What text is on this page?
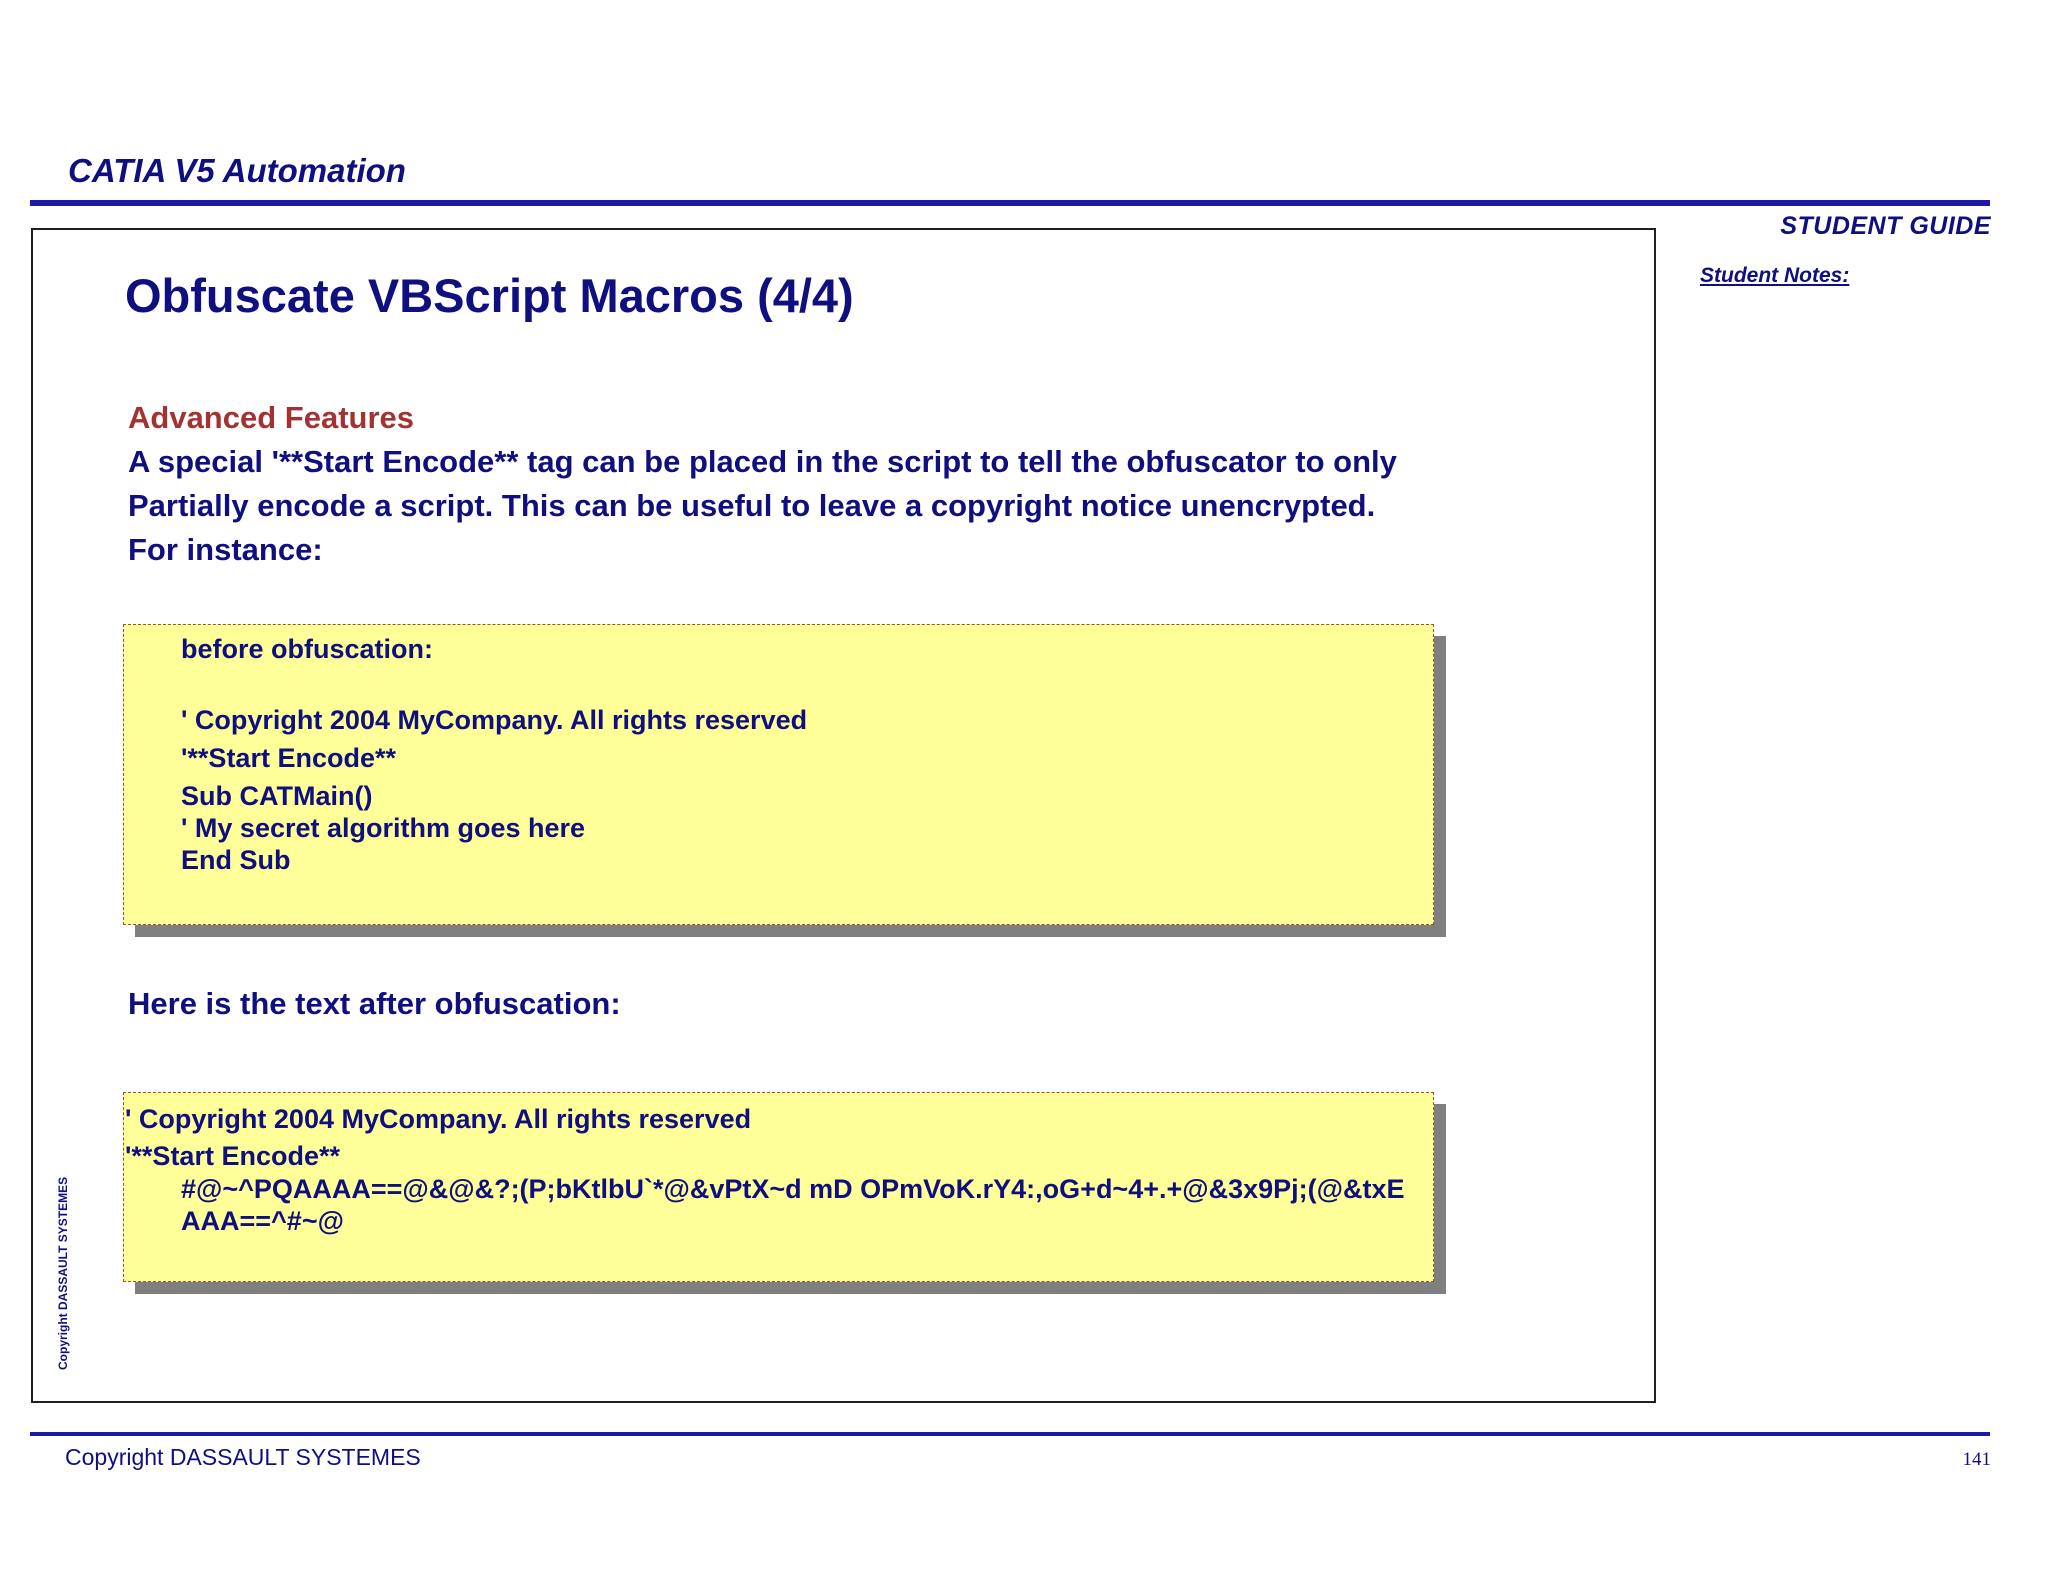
CATIA V5 Automation
STUDENT GUIDE
Student Notes:
Obfuscate VBScript Macros (4/4)
Advanced Features
A special '**Start Encode** tag can be placed in the script to tell the obfuscator to only
Partially encode a script. This can be useful to leave a copyright notice unencrypted.
For instance:
before obfuscation:
' Copyright 2004 MyCompany. All rights reserved
'**Start Encode**
Sub CATMain()
' My secret algorithm goes here
End Sub
Here is the text after obfuscation:
' Copyright 2004 MyCompany. All rights reserved
'**Start Encode**
#@~^PQAAAA==@&@&?;(P;bKtlbU`*@&vPtX~d mD OPmVoK.rY4:,oG+d~4+.+@&3x9Pj;(@&txE
AAA==^#~@
Copyright DASSAULT SYSTEMES
Copyright DASSAULT SYSTEMES	141
